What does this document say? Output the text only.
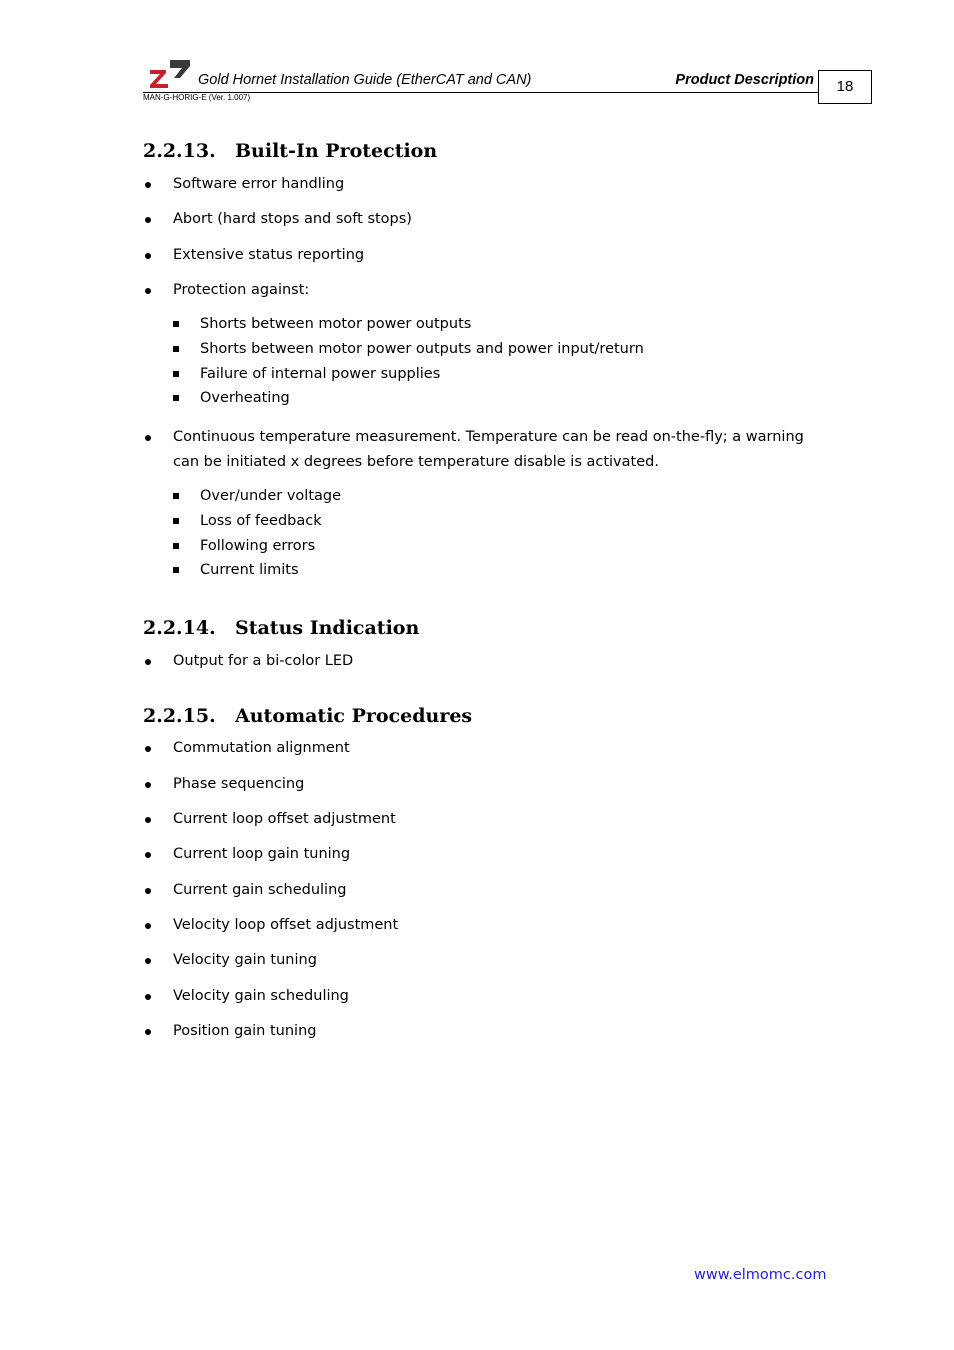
Gold Hornet Installation Guide (EtherCAT and CAN)	Product Description
MAN-G-HORIG-E (Ver. 1.007)
18
2.2.13. Built-In Protection
Software error handling
Abort (hard stops and soft stops)
Extensive status reporting
Protection against:
Shorts between motor power outputs
Shorts between motor power outputs and power input/return
Failure of internal power supplies
Overheating
Continuous temperature measurement. Temperature can be read on-the-fly; a warning can be initiated x degrees before temperature disable is activated.
Over/under voltage
Loss of feedback
Following errors
Current limits
2.2.14. Status Indication
Output for a bi-color LED
2.2.15. Automatic Procedures
Commutation alignment
Phase sequencing
Current loop offset adjustment
Current loop gain tuning
Current gain scheduling
Velocity loop offset adjustment
Velocity gain tuning
Velocity gain scheduling
Position gain tuning
www.elmomc.com
